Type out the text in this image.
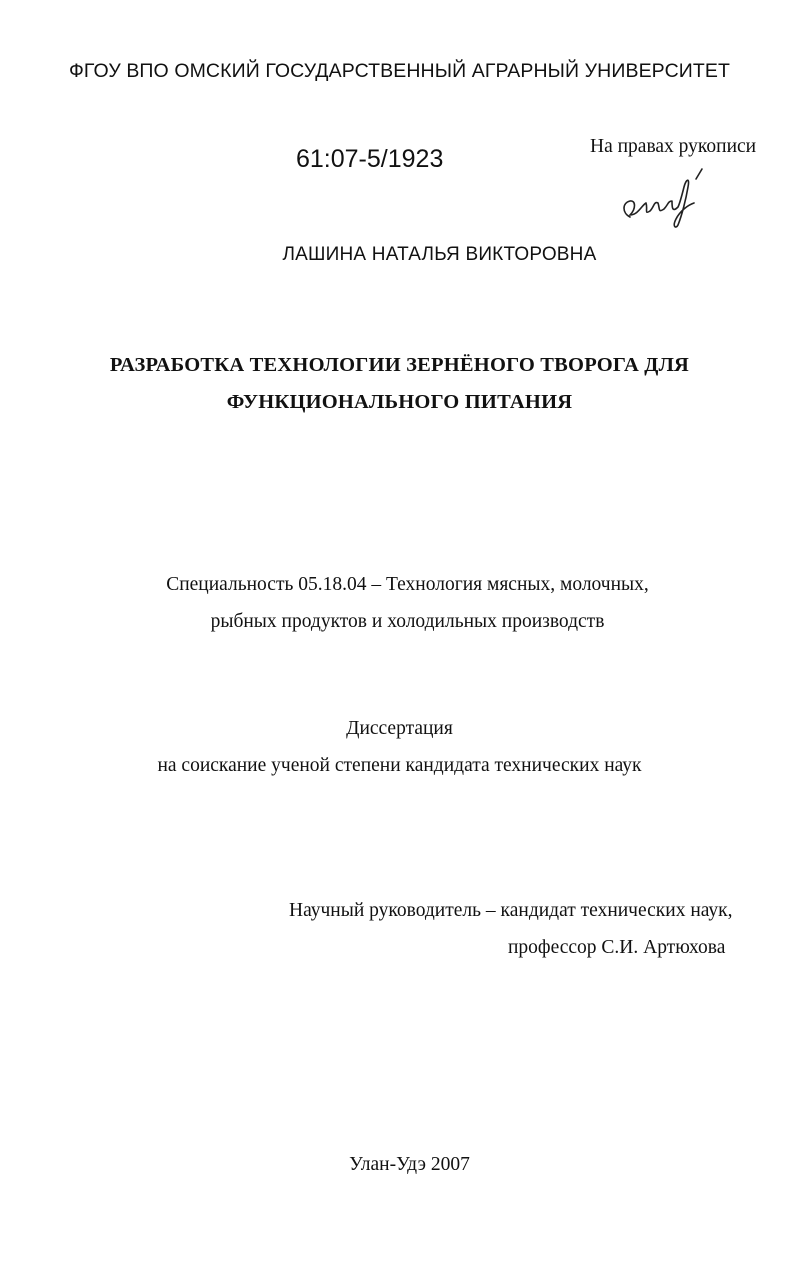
ФГОУ ВПО ОМСКИЙ ГОСУДАРСТВЕННЫЙ АГРАРНЫЙ УНИВЕРСИТЕТ
61:07-5/1923	На правах рукописи
ЛАШИНА НАТАЛЬЯ ВИКТОРОВНА
РАЗРАБОТКА ТЕХНОЛОГИИ ЗЕРНЁНОГО ТВОРОГА ДЛЯ
ФУНКЦИОНАЛЬНОГО ПИТАНИЯ
Специальность 05.18.04 – Технология мясных, молочных,
рыбных продуктов и холодильных производств
Диссертация
на соискание ученой степени кандидата технических наук
Научный руководитель – кандидат технических наук,
профессор С.И. Артюхова
Улан-Удэ 2007
